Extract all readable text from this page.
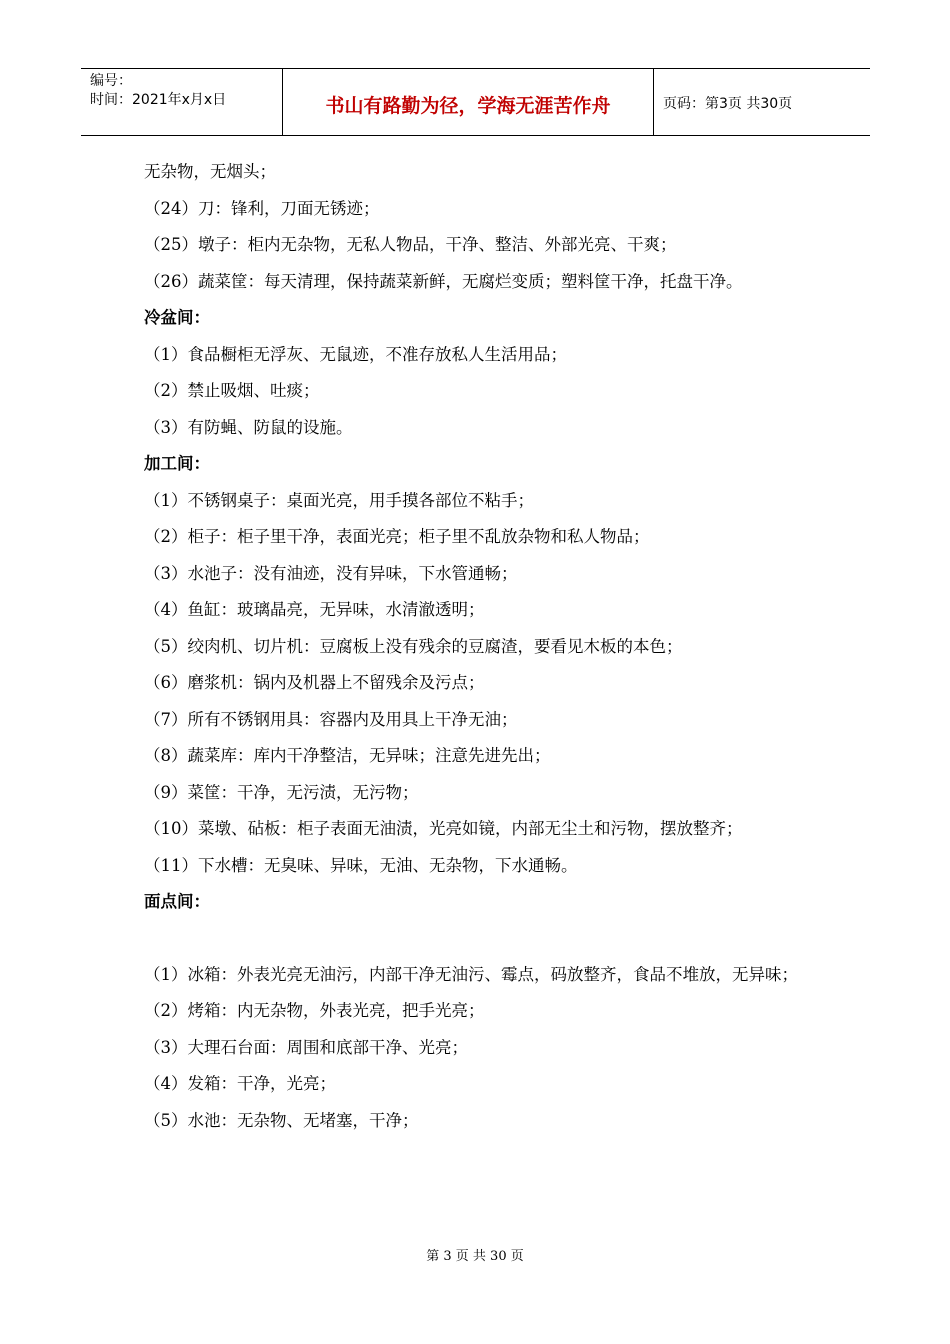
编号：
时间：2021年x月x日	书山有路勤为径，学海无涯苦作舟	页码：第3页 共30页

无杂物，无烟头；

（24）刀：锋利，刀面无锈迹；

（25）墩子：柜内无杂物，无私人物品，干净、整洁、外部光亮、干爽；

（26）蔬菜筐：每天清理，保持蔬菜新鲜，无腐烂变质；塑料筐干净，托盘干净。

冷盆间：

（1）食品橱柜无浮灰、无鼠迹，不准存放私人生活用品；

（2）禁止吸烟、吐痰；

（3）有防蝇、防鼠的设施。

加工间：

（1）不锈钢桌子：桌面光亮，用手摸各部位不粘手；

（2）柜子：柜子里干净，表面光亮；柜子里不乱放杂物和私人物品；

（3）水池子：没有油迹，没有异味，下水管通畅；

（4）鱼缸：玻璃晶亮，无异味，水清澈透明；

（5）绞肉机、切片机：豆腐板上没有残余的豆腐渣，要看见木板的本色；

（6）磨浆机：锅内及机器上不留残余及污点；

（7）所有不锈钢用具：容器内及用具上干净无油；

（8）蔬菜库：库内干净整洁，无异味；注意先进先出；

（9）菜筐：干净，无污渍，无污物；

（10）菜墩、砧板：柜子表面无油渍，光亮如镜，内部无尘土和污物，摆放整齐；

（11）下水槽：无臭味、异味，无油、无杂物，下水通畅。

面点间：

（1）冰箱：外表光亮无油污，内部干净无油污、霉点，码放整齐，食品不堆放，无异味；

（2）烤箱：内无杂物，外表光亮，把手光亮；

（3）大理石台面：周围和底部干净、光亮；

（4）发箱：干净，光亮；

（5）水池：无杂物、无堵塞，干净；

第 3 页 共 30 页
